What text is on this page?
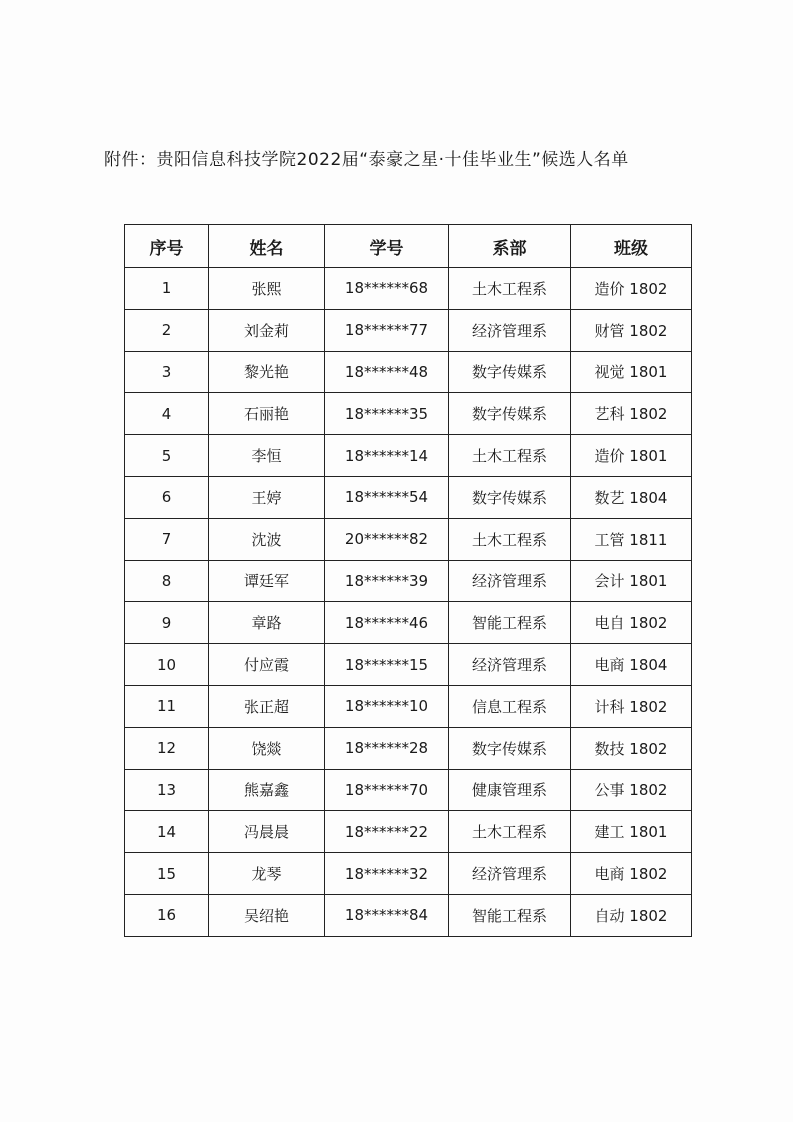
附件：贵阳信息科技学院2022届“泰豪之星·十佳毕业生”候选人名单
序号	姓名	学号	系部	班级
1	张熙	18******68	土木工程系	造价 1802
2	刘金莉	18******77	经济管理系	财管 1802
3	黎光艳	18******48	数字传媒系	视觉 1801
4	石丽艳	18******35	数字传媒系	艺科 1802
5	李恒	18******14	土木工程系	造价 1801
6	王婷	18******54	数字传媒系	数艺 1804
7	沈波	20******82	土木工程系	工管 1811
8	谭廷军	18******39	经济管理系	会计 1801
9	章路	18******46	智能工程系	电自 1802
10	付应霞	18******15	经济管理系	电商 1804
11	张正超	18******10	信息工程系	计科 1802
12	饶燚	18******28	数字传媒系	数技 1802
13	熊嘉鑫	18******70	健康管理系	公事 1802
14	冯晨晨	18******22	土木工程系	建工 1801
15	龙琴	18******32	经济管理系	电商 1802
16	吴绍艳	18******84	智能工程系	自动 1802
